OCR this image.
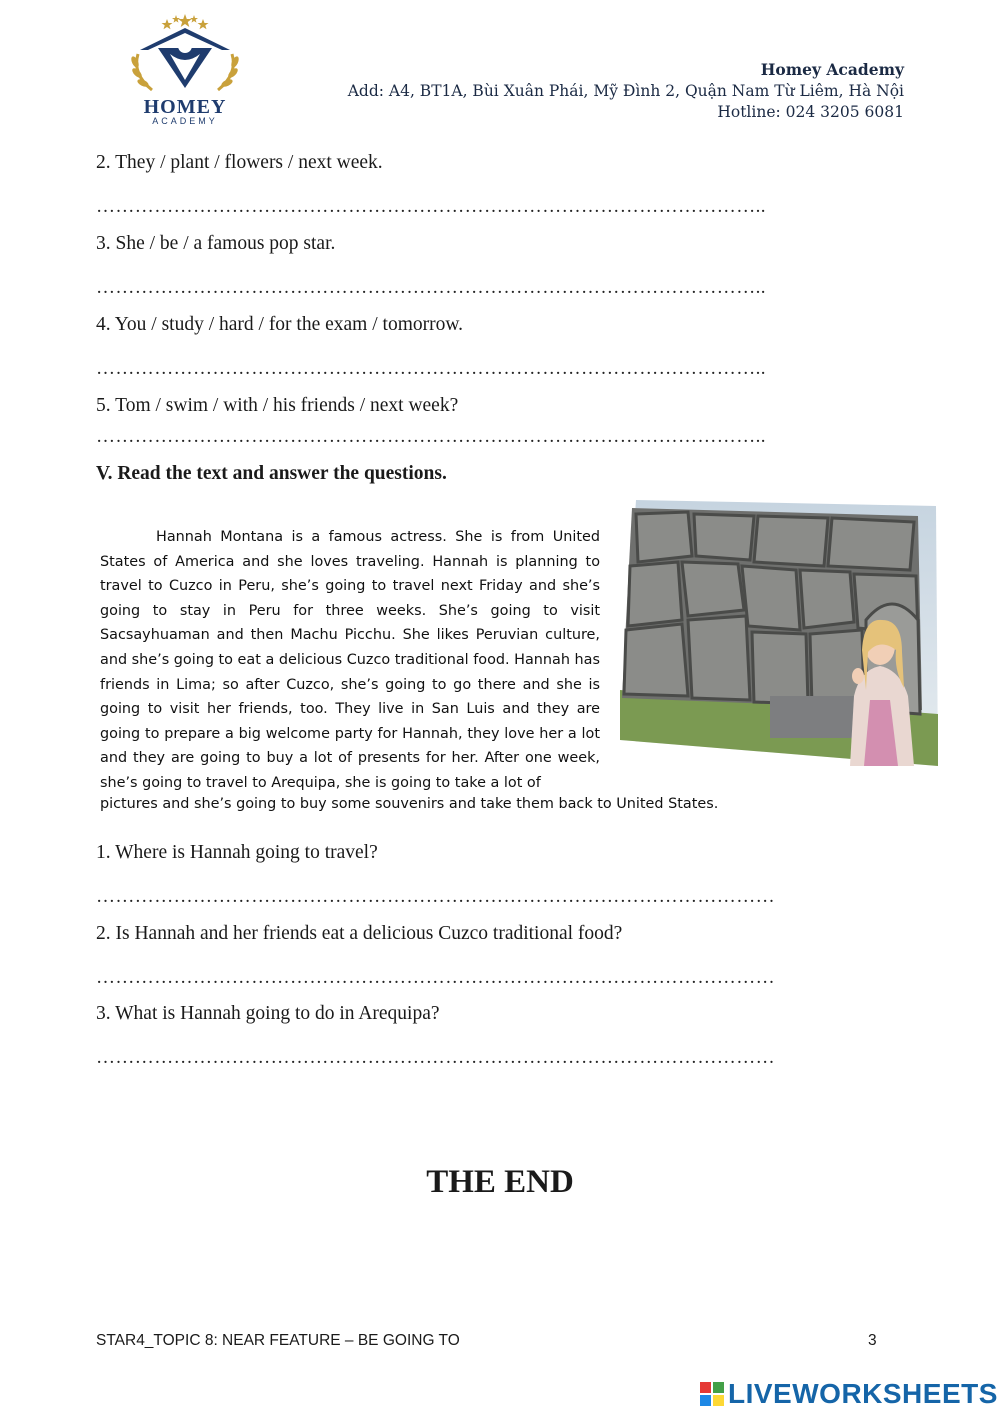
HOMEY
ACADEMY
Homey Academy
Add: A4, BT1A, Bùi Xuân Phái, Mỹ Đình 2, Quận Nam Từ Liêm, Hà Nội
Hotline: 024 3205 6081
2. They / plant / flowers / next week.
…………………………………………………………………………………………..
3. She / be / a famous pop star.
…………………………………………………………………………………………..
4. You / study / hard / for the exam / tomorrow.
…………………………………………………………………………………………..
5. Tom / swim / with / his friends / next week?
…………………………………………………………………………………………..
V. Read the text and answer the questions.
Hannah Montana is a famous actress. She is from United States of America and she loves traveling. Hannah is planning to travel to Cuzco in Peru, she’s going to travel next Friday and she’s going to stay in Peru for three weeks. She’s going to visit Sacsayhuaman and then Machu Picchu. She likes Peruvian culture, and she’s going to eat a delicious Cuzco traditional food. Hannah has friends in Lima; so after Cuzco, she’s going to go there and she is going to visit her friends, too. They live in San Luis and they are going to prepare a big welcome party for Hannah, they love her a lot and they are going to buy a lot of presents for her. After one week, she’s going to travel to Arequipa, she is going to take a lot of
pictures and she’s going to buy some souvenirs and take them back to United States.
1. Where is Hannah going to travel?
……………………………………………………………………………………………
2. Is Hannah and her friends eat a delicious Cuzco traditional food?
……………………………………………………………………………………………
3. What is Hannah going to do in Arequipa?
……………………………………………………………………………………………
THE END
STAR4_TOPIC 8: NEAR FEATURE – BE GOING TO	3
LIVEWORKSHEETS
